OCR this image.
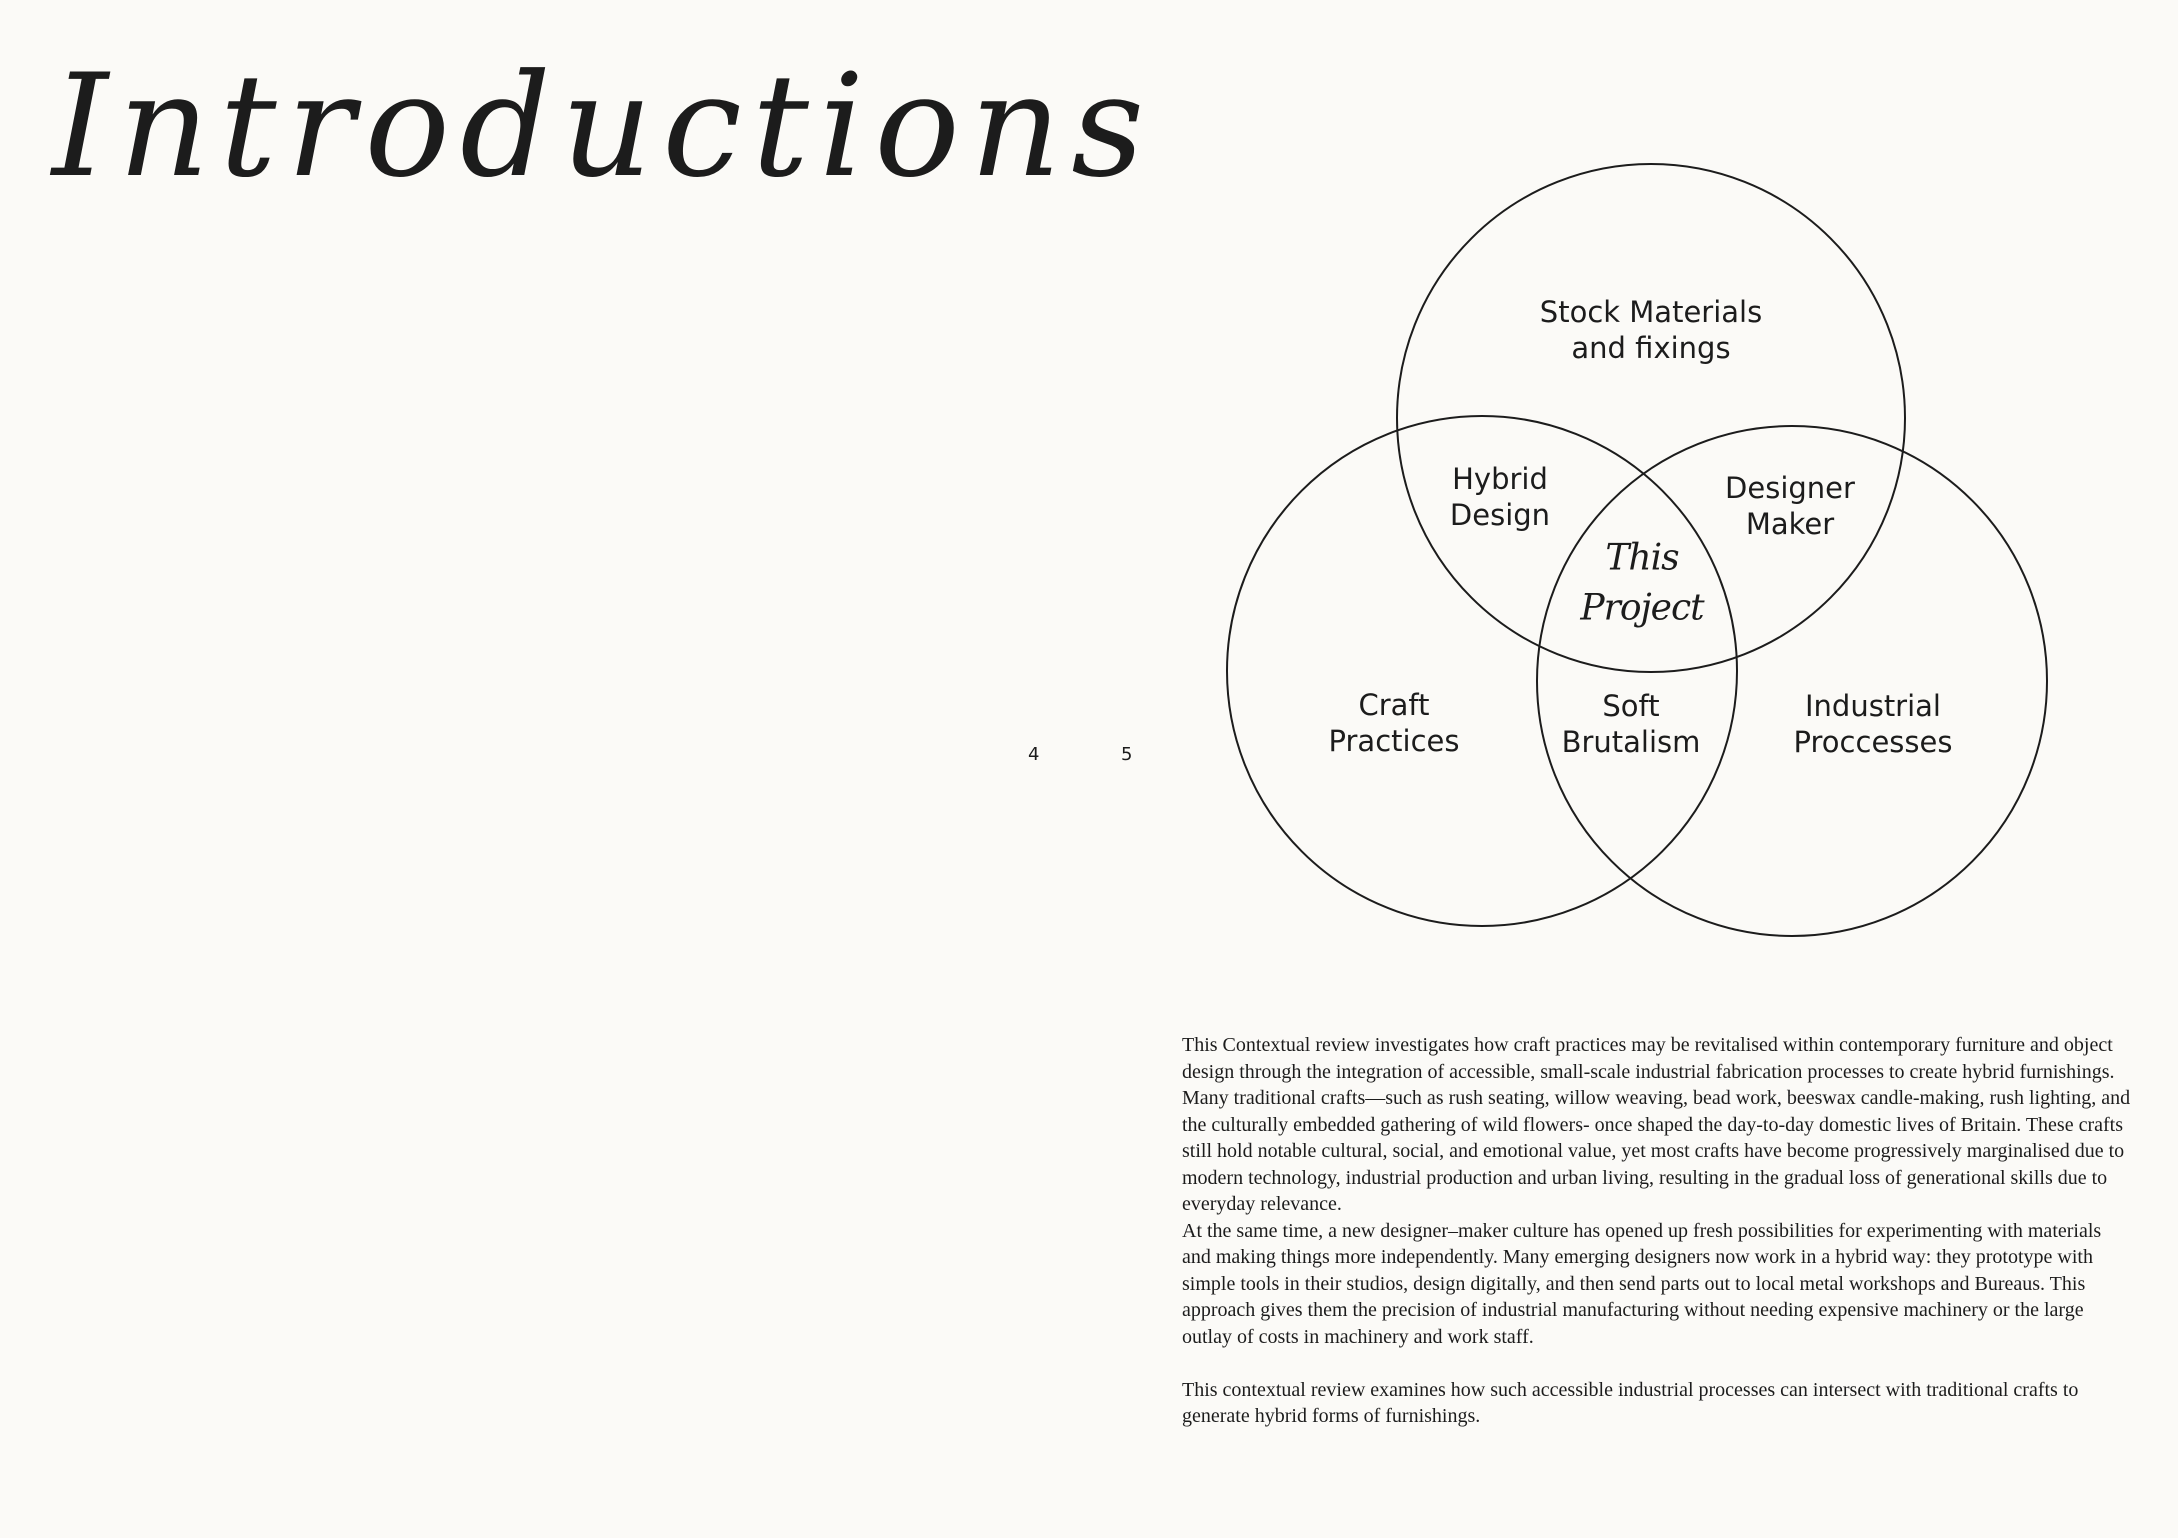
Introductions
4	5
Stock Materials
and fixings
Hybrid
Design
Designer
Maker
This
Project
Craft
Practices
Soft
Brutalism
Industrial
Proccesses

This Contextual review investigates how craft practices may be revitalised within contemporary furniture and object design through the integration of accessible, small-scale industrial fabrication processes to create hybrid furnishings. Many traditional crafts—such as rush seating, willow weaving, bead work, beeswax candle-making, rush lighting, and the culturally embedded gathering of wild flowers- once shaped the day-to-day domestic lives of Britain. These crafts still hold notable cultural, social, and emotional value, yet most crafts have become progressively marginalised due to modern technology, industrial production and urban living, resulting in the gradual loss of generational skills due to everyday relevance.

At the same time, a new designer–maker culture has opened up fresh possibilities for experimenting with materials and making things more independently. Many emerging designers now work in a hybrid way: they prototype with simple tools in their studios, design digitally, and then send parts out to local metal workshops and Bureaus. This approach gives them the precision of industrial manufacturing without needing expensive machinery or the large outlay of costs in machinery and work staff.

This contextual review examines how such accessible industrial processes can intersect with traditional crafts to generate hybrid forms of furnishings.
